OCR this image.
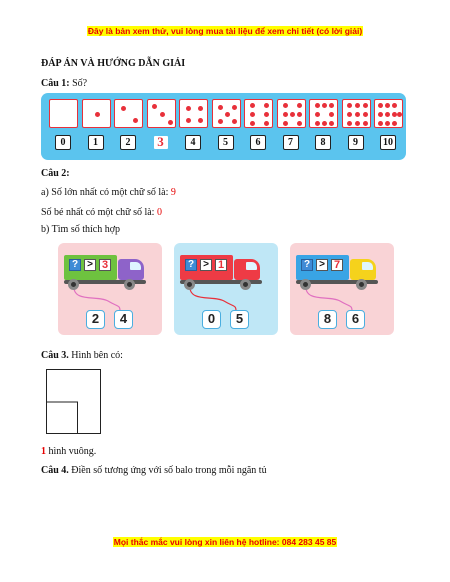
Đây là bản xem thử, vui lòng mua tài liệu để xem chi tiết (có lời giải)
ĐÁP ÁN VÀ HƯỚNG DẪN GIẢI
Câu 1: Số?
0	1	2	3	4	5	6	7	8	9	10
Câu 2:
a) Số lớn nhất có một chữ số là: 9
Số bé nhất có một chữ số là: 0
b) Tìm số thích hợp
? > 3
2	4
? > 1
0	5
? > 7
8	6
Câu 3. Hình bên có:
1 hình vuông.
Câu 4. Điền số tương ứng với số balo trong mỗi ngăn tủ
Mọi thắc mắc vui lòng xin liên hệ hotline: 084 283 45 85
